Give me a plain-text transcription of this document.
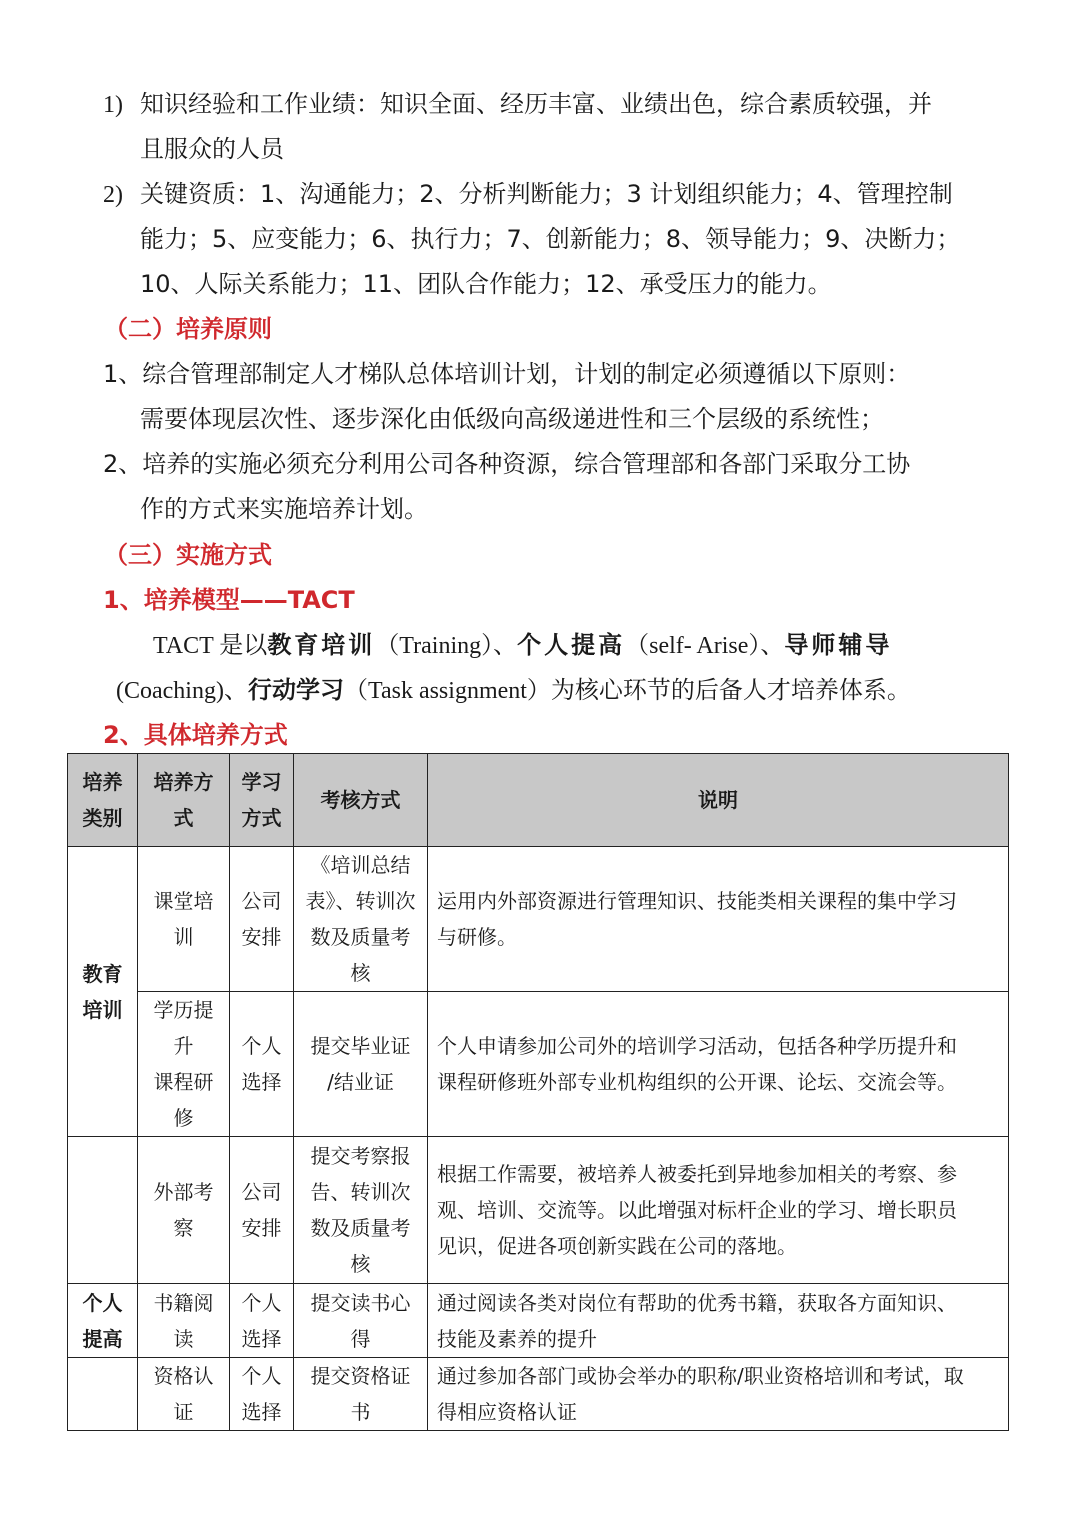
1) 知识经验和工作业绩：知识全面、经历丰富、业绩出色，综合素质较强，并
且服众的人员
2) 关键资质：1、沟通能力；2、分析判断能力；3 计划组织能力；4、管理控制
能力；5、应变能力；6、执行力；7、创新能力；8、领导能力；9、决断力；
10、人际关系能力；11、团队合作能力；12、承受压力的能力。
（二）培养原则
1、综合管理部制定人才梯队总体培训计划，计划的制定必须遵循以下原则：
需要体现层次性、逐步深化由低级向高级递进性和三个层级的系统性；
2、培养的实施必须充分利用公司各种资源，综合管理部和各部门采取分工协
作的方式来实施培养计划。
（三）实施方式
1、培养模型——TACT
TACT 是以教育培训（Training）、个人提高（self- Arise）、导师辅导
(Coaching)、行动学习（Task assignment）为核心环节的后备人才培养体系。
2、具体培养方式
培养
类别	培养方
式	学习
方式	考核方式	说明

教育
培训	课堂培
训	公司
安排	《培训总结
表》、转训次
数及质量考
核	运用内外部资源进行管理知识、技能类相关课程的集中学习
与研修。

	学历提
升
课程研
修	个人
选择	提交毕业证
/结业证	个人申请参加公司外的培训学习活动，包括各种学历提升和
课程研修班外部专业机构组织的公开课、论坛、交流会等。

	外部考
察	公司
安排	提交考察报
告、转训次
数及质量考
核	根据工作需要，被培养人被委托到异地参加相关的考察、参
观、培训、交流等。以此增强对标杆企业的学习、增长职员
见识，促进各项创新实践在公司的落地。

个人
提高	书籍阅
读	个人
选择	提交读书心
得	通过阅读各类对岗位有帮助的优秀书籍，获取各方面知识、
技能及素养的提升

	资格认
证	个人
选择	提交资格证
书	通过参加各部门或协会举办的职称/职业资格培训和考试，取
得相应资格认证
